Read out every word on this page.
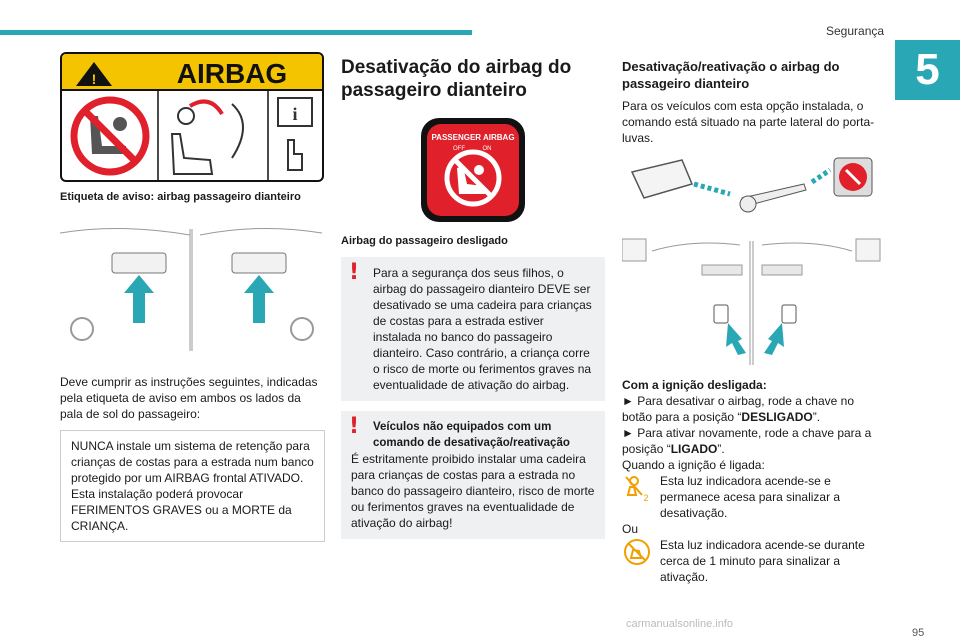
Segurança
5
!	AIRBAG
i
Etiqueta de aviso: airbag passageiro dianteiro
Deve cumprir as instruções seguintes, indicadas pela etiqueta de aviso em ambos os lados da pala de sol do passageiro:
NUNCA instale um sistema de retenção para crianças de costas para a estrada num banco protegido por um AIRBAG frontal ATIVADO. Esta instalação poderá provocar FERIMENTOS GRAVES ou a MORTE da CRIANÇA.
Desativação do airbag do passageiro dianteiro
PASSENGER AIRBAG
OFF	ON
Airbag do passageiro desligado
!	Para a segurança dos seus filhos, o airbag do passageiro dianteiro DEVE ser desativado se uma cadeira para crianças de costas para a estrada estiver instalada no banco do passageiro dianteiro. Caso contrário, a criança corre o risco de morte ou ferimentos graves na eventualidade de ativação do airbag.
!	Veículos não equipados com um comando de desativação/reativação
É estritamente proibido instalar uma cadeira para crianças de costas para a estrada no banco do passageiro dianteiro, risco de morte ou ferimentos graves na eventualidade de ativação do airbag!
Desativação/reativação o airbag do passageiro dianteiro
Para os veículos com esta opção instalada, o comando está situado na parte lateral do porta-luvas.

Com a ignição desligada:
► Para desativar o airbag, rode a chave no botão para a posição “DESLIGADO”.
► Para ativar novamente, rode a chave para a posição “LIGADO”.
Quando a ignição é ligada:
2
Esta luz indicadora acende-se e permanece acesa para sinalizar a desativação.
Ou
Esta luz indicadora acende-se durante cerca de 1 minuto para sinalizar a ativação.
carmanualsonline.info
95
